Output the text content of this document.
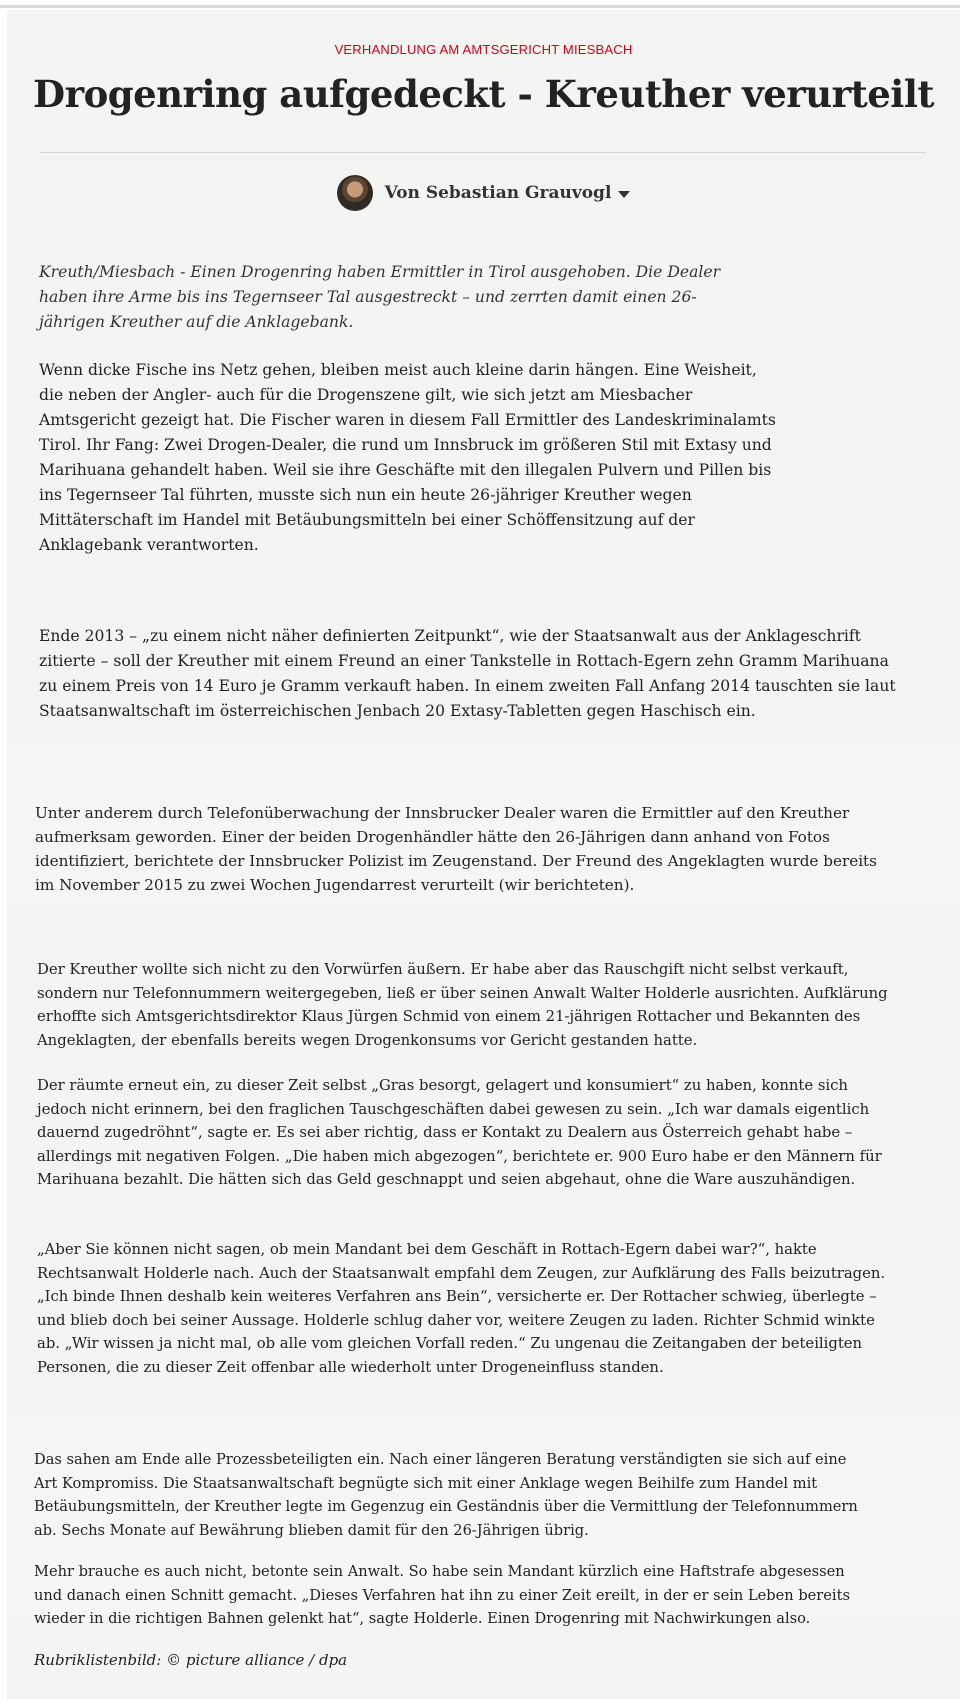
VERHANDLUNG AM AMTSGERICHT MIESBACH
Drogenring aufgedeckt - Kreuther verurteilt
Von Sebastian Grauvogl

Kreuth/Miesbach - Einen Drogenring haben Ermittler in Tirol ausgehoben. Die Dealer haben ihre Arme bis ins Tegernseer Tal ausgestreckt – und zerrten damit einen 26-jährigen Kreuther auf die Anklagebank.

Wenn dicke Fische ins Netz gehen, bleiben meist auch kleine darin hängen. Eine Weisheit, die neben der Angler- auch für die Drogenszene gilt, wie sich jetzt am Miesbacher Amtsgericht gezeigt hat. Die Fischer waren in diesem Fall Ermittler des Landeskriminalamts Tirol. Ihr Fang: Zwei Drogen-Dealer, die rund um Innsbruck im größeren Stil mit Extasy und Marihuana gehandelt haben. Weil sie ihre Geschäfte mit den illegalen Pulvern und Pillen bis ins Tegernseer Tal führten, musste sich nun ein heute 26-jähriger Kreuther wegen Mittäterschaft im Handel mit Betäubungsmitteln bei einer Schöffensitzung auf der Anklagebank verantworten.

Ende 2013 – „zu einem nicht näher definierten Zeitpunkt“, wie der Staatsanwalt aus der Anklageschrift zitierte – soll der Kreuther mit einem Freund an einer Tankstelle in Rottach-Egern zehn Gramm Marihuana zu einem Preis von 14 Euro je Gramm verkauft haben. In einem zweiten Fall Anfang 2014 tauschten sie laut Staatsanwaltschaft im österreichischen Jenbach 20 Extasy-Tabletten gegen Haschisch ein.

Unter anderem durch Telefonüberwachung der Innsbrucker Dealer waren die Ermittler auf den Kreuther aufmerksam geworden. Einer der beiden Drogenhändler hätte den 26-Jährigen dann anhand von Fotos identifiziert, berichtete der Innsbrucker Polizist im Zeugenstand. Der Freund des Angeklagten wurde bereits im November 2015 zu zwei Wochen Jugendarrest verurteilt (wir berichteten).

Der Kreuther wollte sich nicht zu den Vorwürfen äußern. Er habe aber das Rauschgift nicht selbst verkauft, sondern nur Telefonnummern weitergegeben, ließ er über seinen Anwalt Walter Holderle ausrichten. Aufklärung erhoffte sich Amtsgerichtsdirektor Klaus Jürgen Schmid von einem 21-jährigen Rottacher und Bekannten des Angeklagten, der ebenfalls bereits wegen Drogenkonsums vor Gericht gestanden hatte.

Der räumte erneut ein, zu dieser Zeit selbst „Gras besorgt, gelagert und konsumiert“ zu haben, konnte sich jedoch nicht erinnern, bei den fraglichen Tauschgeschäften dabei gewesen zu sein. „Ich war damals eigentlich dauernd zugedröhnt“, sagte er. Es sei aber richtig, dass er Kontakt zu Dealern aus Österreich gehabt habe – allerdings mit negativen Folgen. „Die haben mich abgezogen“, berichtete er. 900 Euro habe er den Männern für Marihuana bezahlt. Die hätten sich das Geld geschnappt und seien abgehaut, ohne die Ware auszuhändigen.

„Aber Sie können nicht sagen, ob mein Mandant bei dem Geschäft in Rottach-Egern dabei war?“, hakte Rechtsanwalt Holderle nach. Auch der Staatsanwalt empfahl dem Zeugen, zur Aufklärung des Falls beizutragen. „Ich binde Ihnen deshalb kein weiteres Verfahren ans Bein“, versicherte er. Der Rottacher schwieg, überlegte – und blieb doch bei seiner Aussage. Holderle schlug daher vor, weitere Zeugen zu laden. Richter Schmid winkte ab. „Wir wissen ja nicht mal, ob alle vom gleichen Vorfall reden.“ Zu ungenau die Zeitangaben der beteiligten Personen, die zu dieser Zeit offenbar alle wiederholt unter Drogeneinfluss standen.

Das sahen am Ende alle Prozessbeteiligten ein. Nach einer längeren Beratung verständigten sie sich auf eine Art Kompromiss. Die Staatsanwaltschaft begnügte sich mit einer Anklage wegen Beihilfe zum Handel mit Betäubungsmitteln, der Kreuther legte im Gegenzug ein Geständnis über die Vermittlung der Telefonnummern ab. Sechs Monate auf Bewährung blieben damit für den 26-Jährigen übrig.

Mehr brauche es auch nicht, betonte sein Anwalt. So habe sein Mandant kürzlich eine Haftstrafe abgesessen und danach einen Schnitt gemacht. „Dieses Verfahren hat ihn zu einer Zeit ereilt, in der er sein Leben bereits wieder in die richtigen Bahnen gelenkt hat“, sagte Holderle. Einen Drogenring mit Nachwirkungen also.

Rubriklistenbild: © picture alliance / dpa
